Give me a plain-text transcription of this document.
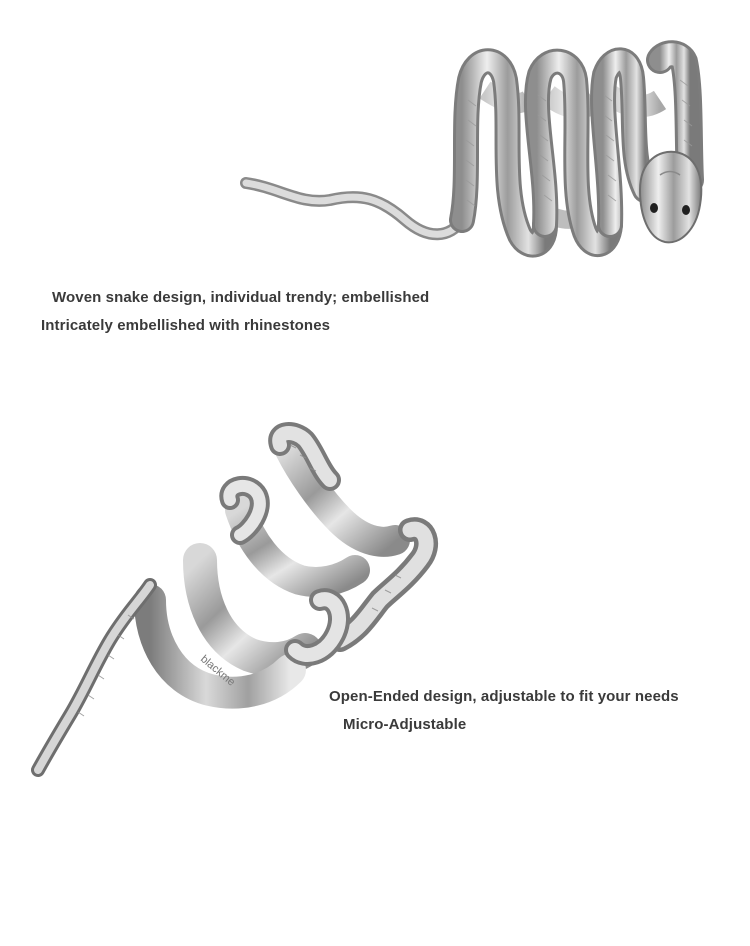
blackme
Woven snake design, individual trendy; embellished
Intricately embellished with rhinestones
Open-Ended design, adjustable to fit your needs
Micro-Adjustable
